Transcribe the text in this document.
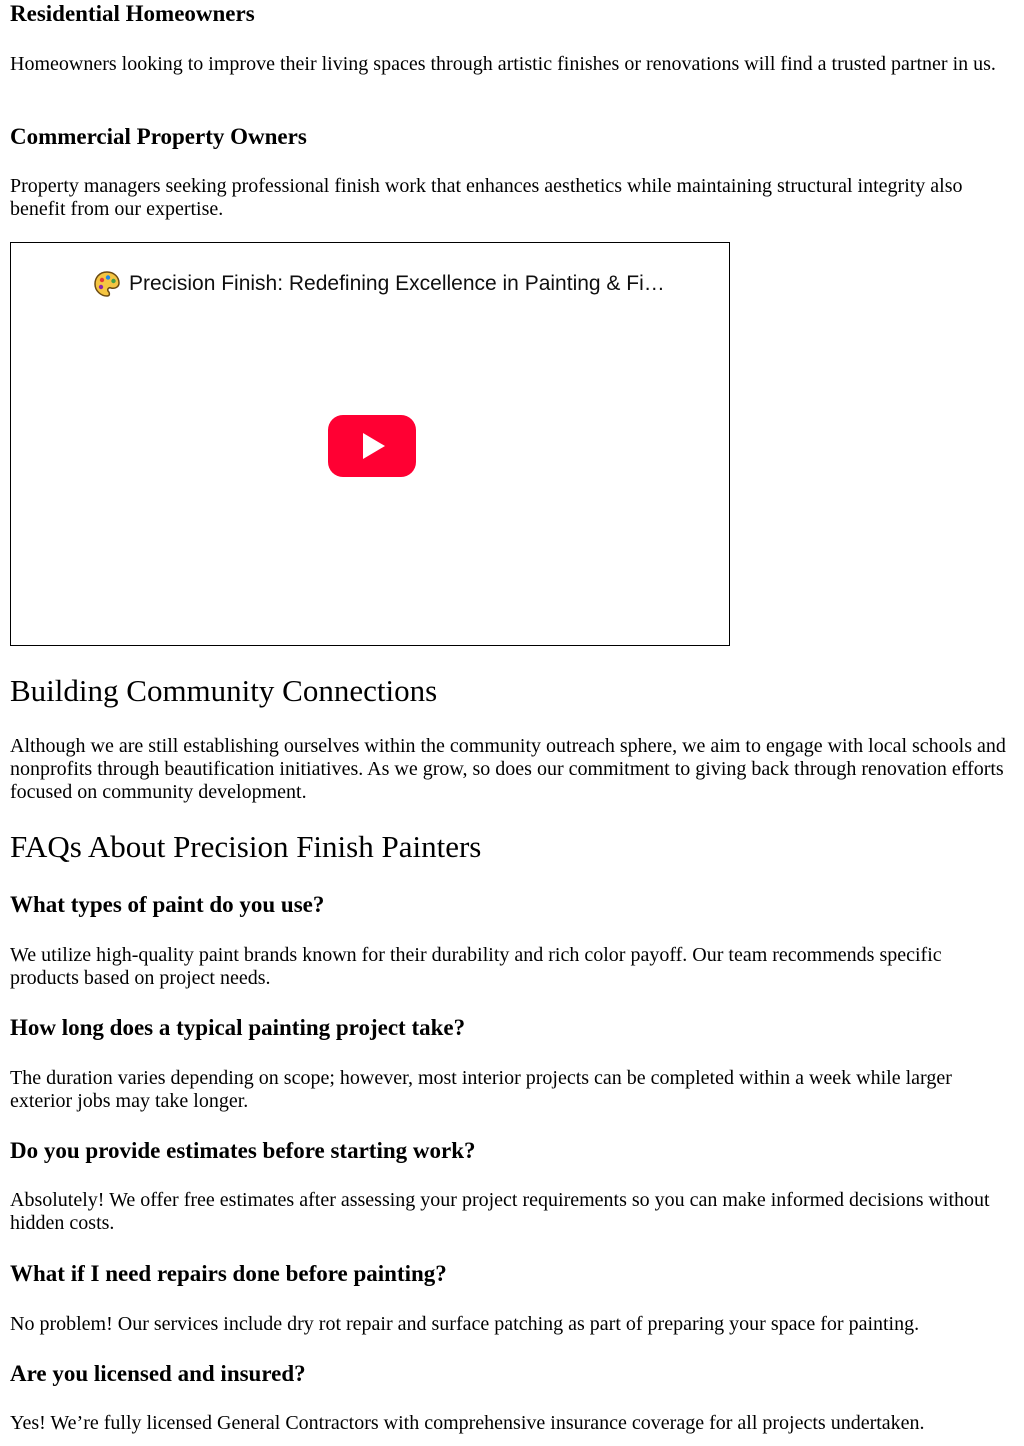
Residential Homeowners

Homeowners looking to improve their living spaces through artistic finishes or renovations will find a trusted partner in us.

Commercial Property Owners

Property managers seeking professional finish work that enhances aesthetics while maintaining structural integrity also benefit from our expertise.

Precision Finish: Redefining Excellence in Painting & Fi…
Building Community Connections

Although we are still establishing ourselves within the community outreach sphere, we aim to engage with local schools and nonprofits through beautification initiatives. As we grow, so does our commitment to giving back through renovation efforts focused on community development.

FAQs About Precision Finish Painters
What types of paint do you use?

We utilize high-quality paint brands known for their durability and rich color payoff. Our team recommends specific products based on project needs.

How long does a typical painting project take?

The duration varies depending on scope; however, most interior projects can be completed within a week while larger exterior jobs may take longer.

Do you provide estimates before starting work?

Absolutely! We offer free estimates after assessing your project requirements so you can make informed decisions without hidden costs.

What if I need repairs done before painting?

No problem! Our services include dry rot repair and surface patching as part of preparing your space for painting.

Are you licensed and insured?

Yes! We’re fully licensed General Contractors with comprehensive insurance coverage for all projects undertaken.
